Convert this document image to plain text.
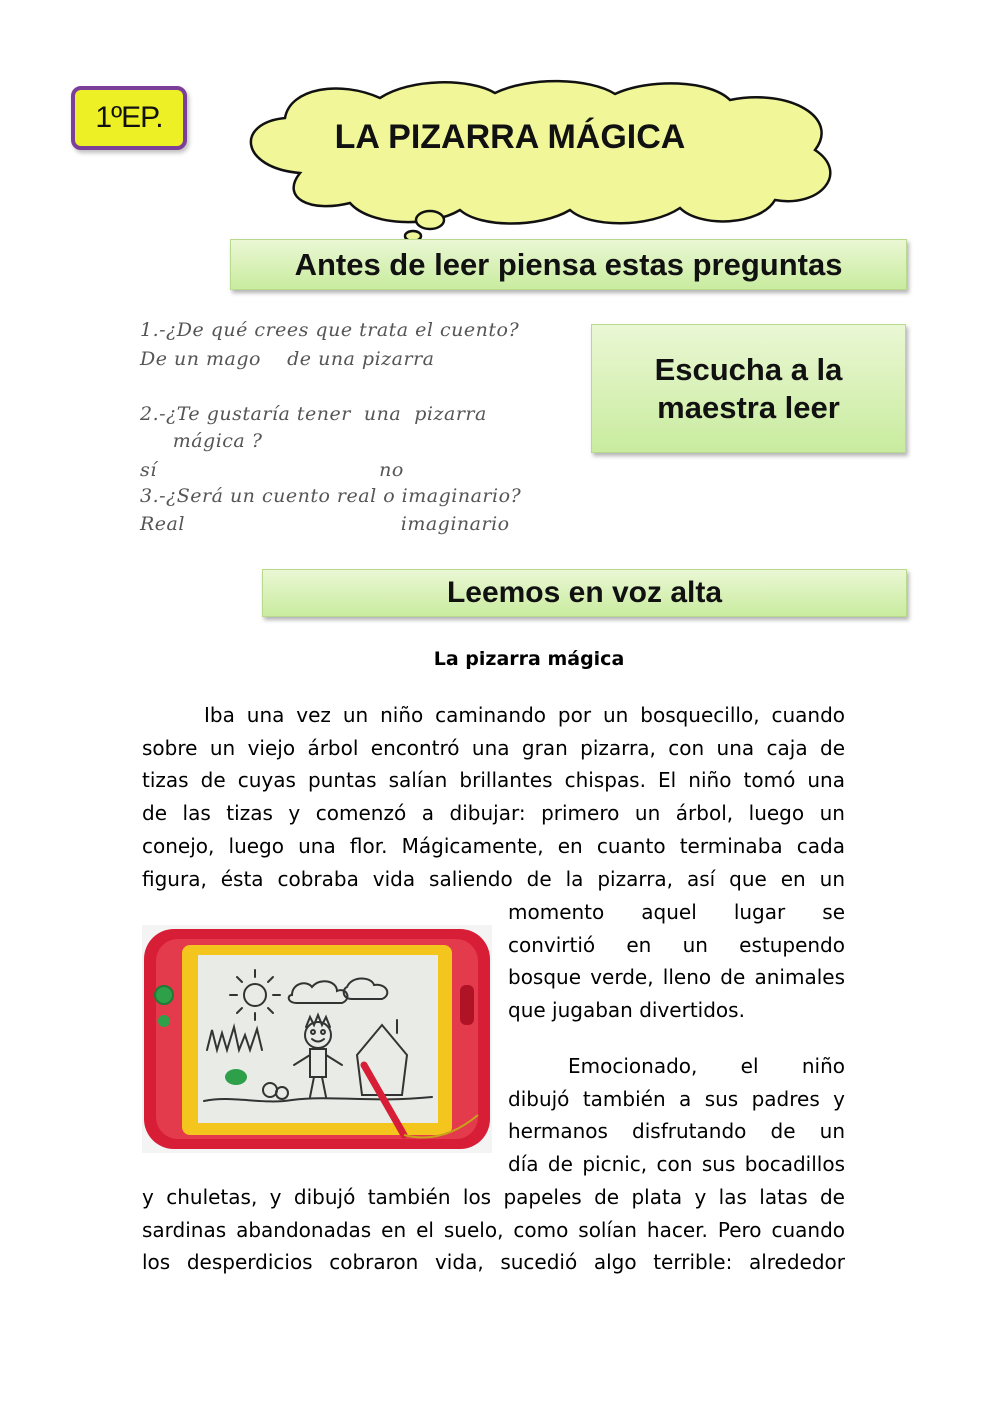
1ºEP.
LA PIZARRA MÁGICA
Antes de leer piensa estas preguntas
Escucha a la
maestra leer
Leemos en voz alta
1.-¿De qué crees que trata el cuento?
De un mago    de una pizarra
2.-¿Te gustaría tener  una  pizarra
mágica ?
sí                                  no
3.-¿Será un cuento real o imaginario?
Real                                 imaginario
La pizarra mágica
Iba una vez un niño caminando por un bosquecillo, cuando
sobre un viejo árbol encontró una gran pizarra, con una caja de
tizas de cuyas puntas salían brillantes chispas. El niño tomó una
de las tizas y comenzó a dibujar: primero un árbol, luego un
conejo, luego una flor. Mágicamente, en cuanto terminaba cada
figura, ésta cobraba vida saliendo de la pizarra, así que en un
momento aquel lugar se
convirtió en un estupendo
bosque verde, lleno de animales
que jugaban divertidos.
Emocionado, el niño
dibujó también a sus padres y
hermanos disfrutando de un
día de picnic, con sus bocadillos
y chuletas, y dibujó también los papeles de plata y las latas de
sardinas abandonadas en el suelo, como solían hacer. Pero cuando
los desperdicios cobraron vida, sucedió algo terrible: alrededor
